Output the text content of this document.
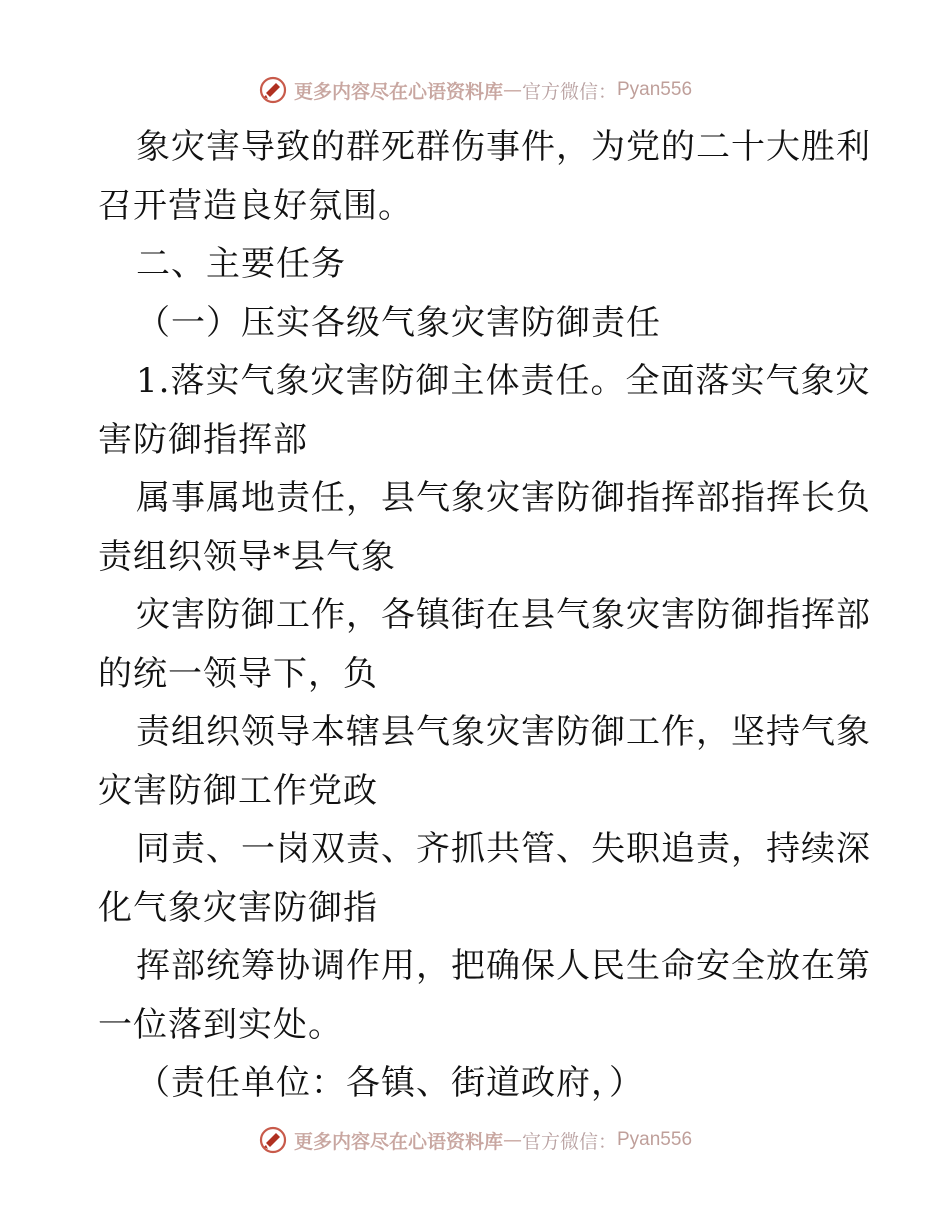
更多内容尽在心语资料库 — 官方微信： Pyan556
象灾害导致的群死群伤事件，为党的二十大胜利
召开营造良好氛围。
二、主要任务
（一）压实各级气象灾害防御责任
1.落实气象灾害防御主体责任。全面落实气象灾
害防御指挥部
属事属地责任，县气象灾害防御指挥部指挥长负
责组织领导*县气象
灾害防御工作，各镇街在县气象灾害防御指挥部
的统一领导下，负
责组织领导本辖县气象灾害防御工作，坚持气象
灾害防御工作党政
同责、一岗双责、齐抓共管、失职追责，持续深
化气象灾害防御指
挥部统筹协调作用，把确保人民生命安全放在第
一位落到实处。
（责任单位：各镇、街道政府，）
更多内容尽在心语资料库 — 官方微信： Pyan556
